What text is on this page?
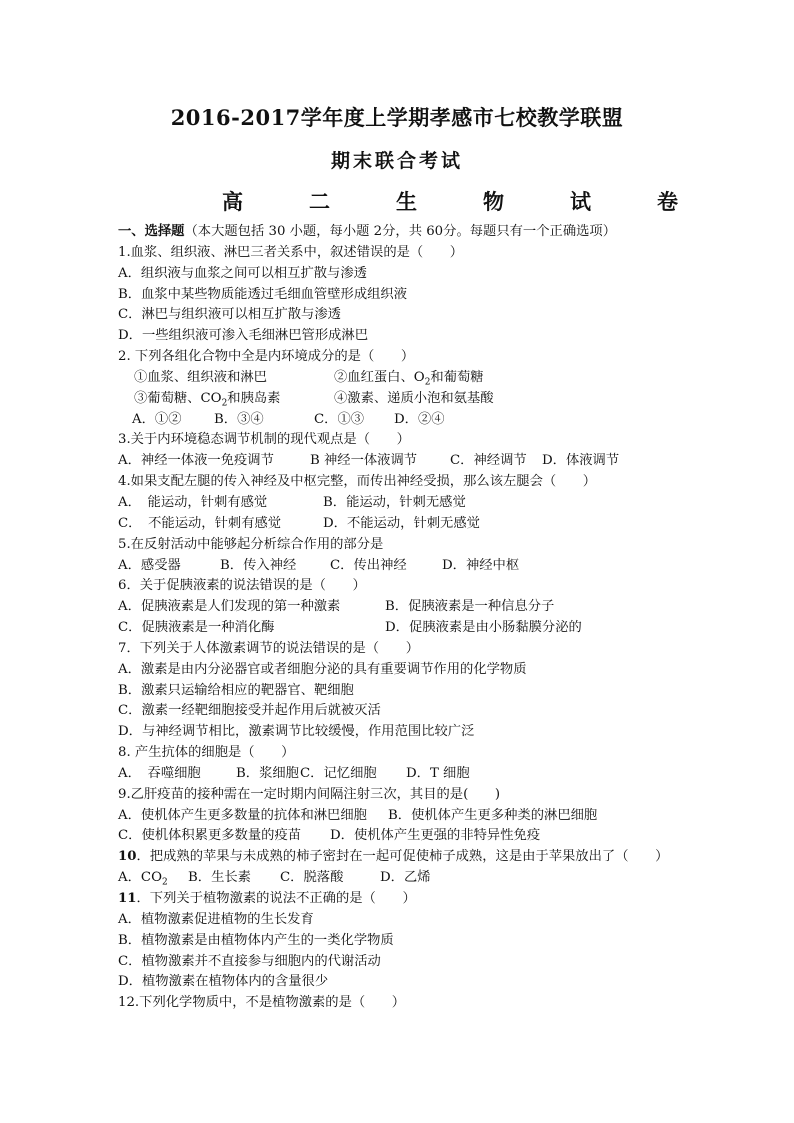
2016-2017学年度上学期孝感市七校教学联盟
期末联合考试
高	二	生	物	试	卷
一、选择题（本大题包括 30 小题，每小题 2分，共 60分。每题只有一个正确选项）
1.血浆、组织液、淋巴三者关系中，叙述错误的是（　　）
A．组织液与血浆之间可以相互扩散与渗透
B．血浆中某些物质能透过毛细血管壁形成组织液
C．淋巴与组织液可以相互扩散与渗透
D．一些组织液可渗入毛细淋巴管形成淋巴
2. 下列各组化合物中全是内环境成分的是（　　）
①血浆、组织液和淋巴	②血红蛋白、$O_2$和葡萄糖
③葡萄糖、$CO_2$和胰岛素	④激素、递质小泡和氨基酸
A．①②	B．③④	C．①③	D．②④
3.关于内环境稳态调节机制的现代观点是（　　）
A．神经一体液一免疫调节	B 神经一体液调节	C．神经调节	D．体液调节
4.如果支配左腿的传入神经及中枢完整，而传出神经受损，那么该左腿会（　　）
A．　能运动，针刺有感觉	B．能运动，针刺无感觉
C．　不能运动，针刺有感觉	D．不能运动，针刺无感觉
5.在反射活动中能够起分析综合作用的部分是
A．感受器	B．传入神经	C．传出神经	D．神经中枢
6．关于促胰液素的说法错误的是（　　）
A．促胰液素是人们发现的第一种激素	B．促胰液素是一种信息分子
C．促胰液素是一种消化酶	D．促胰液素是由小肠黏膜分泌的
7．下列关于人体激素调节的说法错误的是（　　）
A．激素是由内分泌器官或者细胞分泌的具有重要调节作用的化学物质
B．激素只运输给相应的靶器官、靶细胞
C．激素一经靶细胞接受并起作用后就被灭活
D．与神经调节相比，激素调节比较缓慢，作用范围比较广泛
8. 产生抗体的细胞是（　　）
A．　吞噬细胞	B．浆细胞 C．记忆细胞	D．T 细胞
9.乙肝疫苗的接种需在一定时期内间隔注射三次，其目的是(　　)
A．使机体产生更多数量的抗体和淋巴细胞	B．使机体产生更多种类的淋巴细胞
C．使机体积累更多数量的疫苗	D．使机体产生更强的非特异性免疫
10．把成熟的苹果与未成熟的柿子密封在一起可促使柿子成熟，这是由于苹果放出了（　　）
A．$CO_2$	B．生长素	C．脱落酸	D．乙烯
11．下列关于植物激素的说法不正确的是（　　）
A．植物激素促进植物的生长发育
B．植物激素是由植物体内产生的一类化学物质
C．植物激素并不直接参与细胞内的代谢活动
D．植物激素在植物体内的含量很少
12.下列化学物质中，不是植物激素的是（　　）
